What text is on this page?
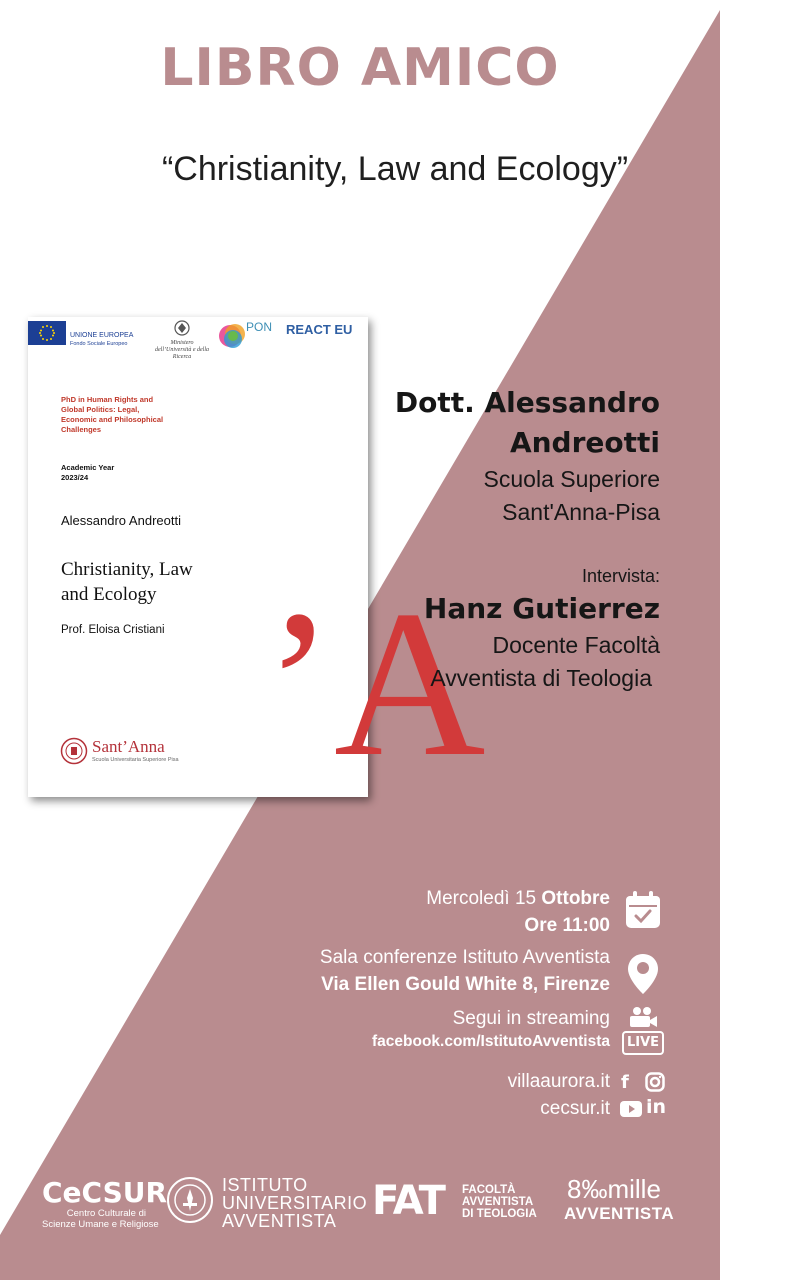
LIBRO AMICO
“Christianity, Law and Ecology”
UNIONE EUROPEA
Fondo Sociale Europeo	Ministero dell’Università e della Ricerca
PON REACT EU
PhD in Human Rights and Global Politics: Legal, Economic and Philosophical Challenges
Academic Year
2023/24
Alessandro Andreotti
Christianity, Law
and Ecology
Prof. Eloisa Cristiani ’A
Sant’Anna
Scuola Universitaria Superiore Pisa
Dott. Alessandro
Andreotti
Scuola Superiore
Sant'Anna-Pisa
Intervista:
Hanz Gutierrez
Docente Facoltà
Avventista di Teologia
Mercoledì 15 Ottobre
Ore 11:00
Sala conferenze Istituto Avventista
Via Ellen Gould White 8, Firenze
Segui in streaming
facebook.com/IstitutoAvventista	LIVE
villaaurora.it
cecsur.it
f
in
CeCSUR
Centro Culturale di
Scienze Umane e Religiose
ISTITUTO
UNIVERSITARIO
AVVENTISTA FAT FACOLTÀ
AVVENTISTA
DI TEOLOGIA
8‰mille
AVVENTISTA
